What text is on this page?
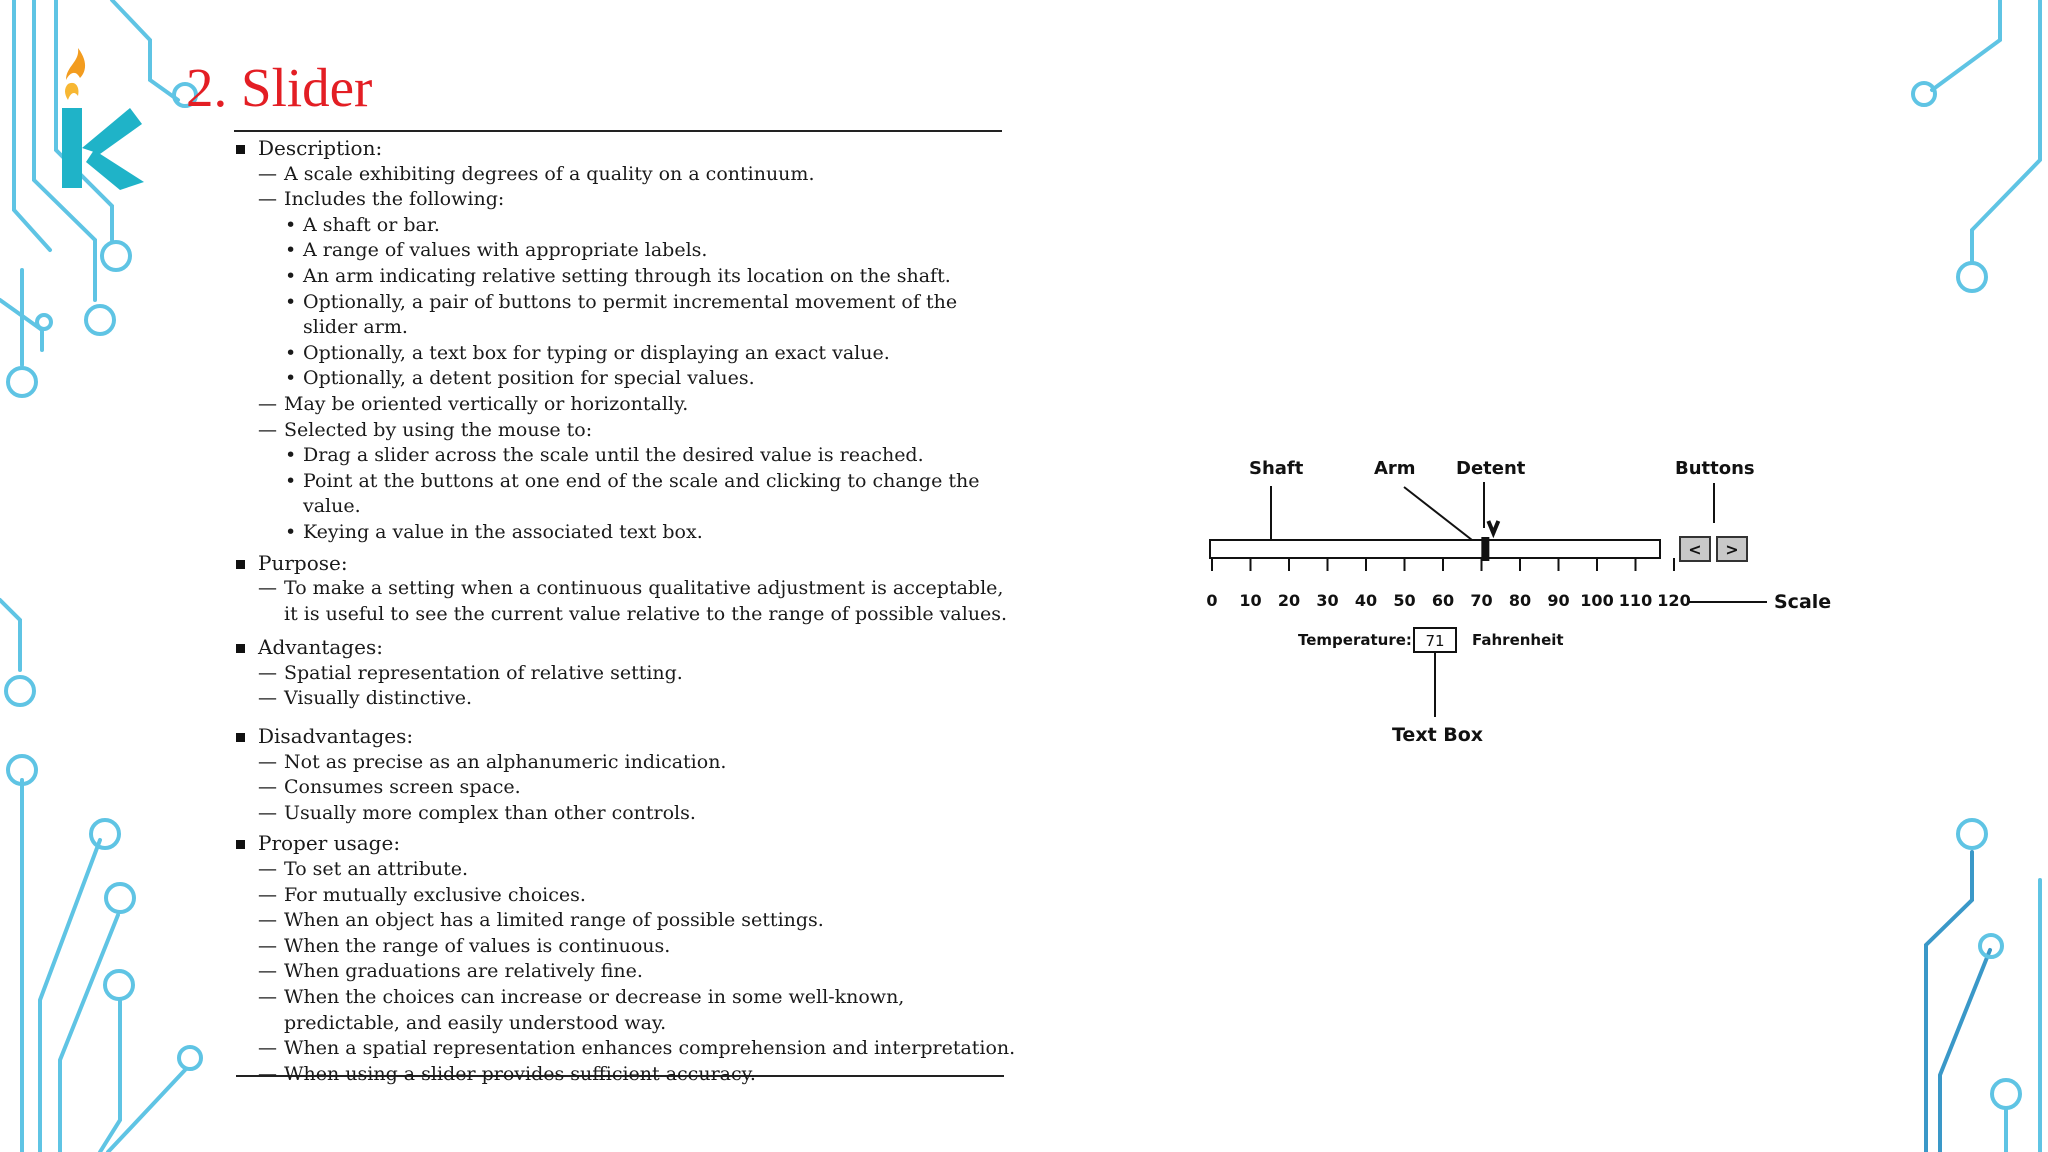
2. Slider
Description:
— A scale exhibiting degrees of a quality on a continuum.
— Includes the following:
• A shaft or bar.
• A range of values with appropriate labels.
• An arm indicating relative setting through its location on the shaft.
• Optionally, a pair of buttons to permit incremental movement of the slider arm.
• Optionally, a text box for typing or displaying an exact value.
• Optionally, a detent position for special values.
— May be oriented vertically or horizontally.
— Selected by using the mouse to:
• Drag a slider across the scale until the desired value is reached.
• Point at the buttons at one end of the scale and clicking to change the value.
• Keying a value in the associated text box.
Purpose:
— To make a setting when a continuous qualitative adjustment is acceptable, it is useful to see the current value relative to the range of possible values.
Advantages:
— Spatial representation of relative setting.
— Visually distinctive.
Disadvantages:
— Not as precise as an alphanumeric indication.
— Consumes screen space.
— Usually more complex than other controls.
Proper usage:
— To set an attribute.
— For mutually exclusive choices.
— When an object has a limited range of possible settings.
— When the range of values is continuous.
— When graduations are relatively fine.
— When the choices can increase or decrease in some well-known, predictable, and easily understood way.
— When a spatial representation enhances comprehension and interpretation.
— When using a slider provides sufficient accuracy.
Shaft	Arm Detent	Buttons
< >
0 10 20 30 40 50 60 70 80 90 100 110 120	Scale
Temperature: 71 Fahrenheit
Text Box
